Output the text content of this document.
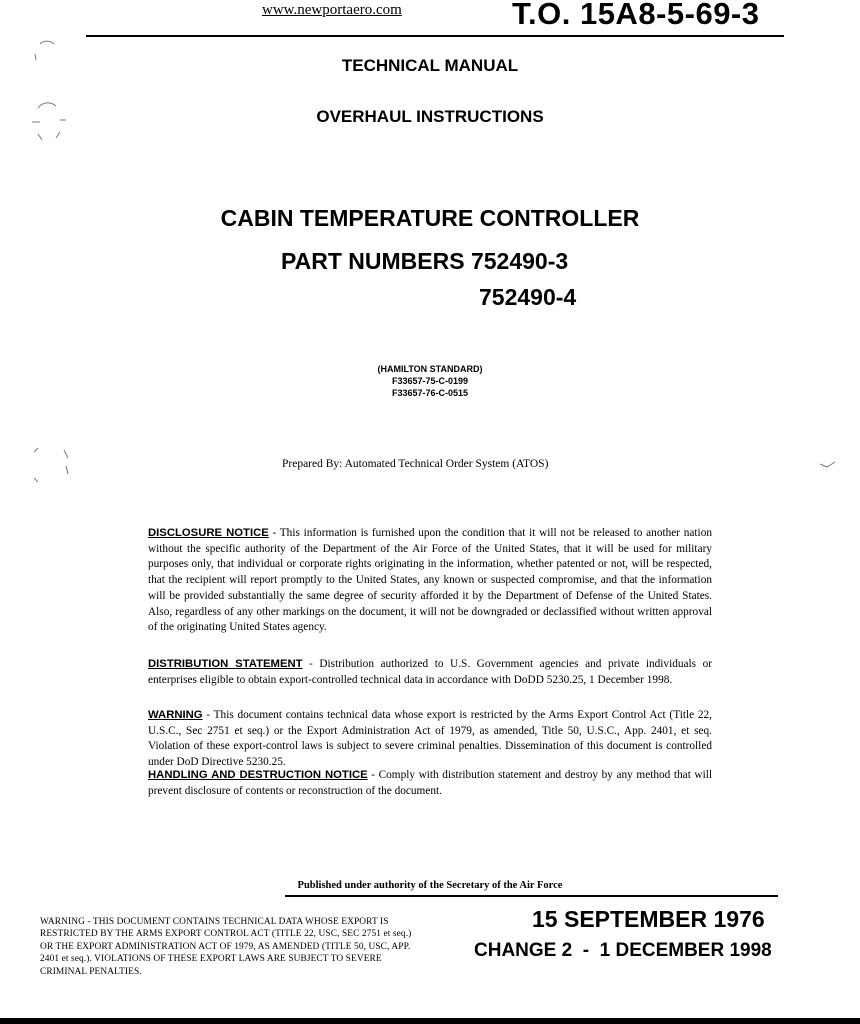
www.newportaero.com	T.O. 15A8-5-69-3
TECHNICAL MANUAL
OVERHAUL INSTRUCTIONS
CABIN TEMPERATURE CONTROLLER
PART NUMBERS 752490-3
752490-4
(HAMILTON STANDARD)
F33657-75-C-0199
F33657-76-C-0515
Prepared By: Automated Technical Order System (ATOS)
DISCLOSURE NOTICE - This information is furnished upon the condition that it will not be released to another nation without the specific authority of the Department of the Air Force of the United States, that it will be used for military purposes only, that individual or corporate rights originating in the information, whether patented or not, will be respected, that the recipient will report promptly to the United States, any known or suspected compromise, and that the information will be provided substantially the same degree of security afforded it by the Department of Defense of the United States. Also, regardless of any other markings on the document, it will not be downgraded or declassified without written approval of the originating United States agency.
DISTRIBUTION STATEMENT - Distribution authorized to U.S. Government agencies and private individuals or enterprises eligible to obtain export-controlled technical data in accordance with DoDD 5230.25, 1 December 1998.
WARNING - This document contains technical data whose export is restricted by the Arms Export Control Act (Title 22, U.S.C., Sec 2751 et seq.) or the Export Administration Act of 1979, as amended, Title 50, U.S.C., App. 2401, et seq. Violation of these export-control laws is subject to severe criminal penalties. Dissemination of this document is controlled under DoD Directive 5230.25.
HANDLING AND DESTRUCTION NOTICE - Comply with distribution statement and destroy by any method that will prevent disclosure of contents or reconstruction of the document.
Published under authority of the Secretary of the Air Force
WARNING - THIS DOCUMENT CONTAINS TECHNICAL DATA WHOSE EXPORT IS RESTRICTED BY THE ARMS EXPORT CONTROL ACT (TITLE 22, USC, SEC 2751 et seq.) OR THE EXPORT ADMINISTRATION ACT OF 1979, AS AMENDED (TITLE 50, USC, APP. 2401 et seq.). VIOLATIONS OF THESE EXPORT LAWS ARE SUBJECT TO SEVERE CRIMINAL PENALTIES.
15 SEPTEMBER 1976
CHANGE 2  -  1 DECEMBER 1998
